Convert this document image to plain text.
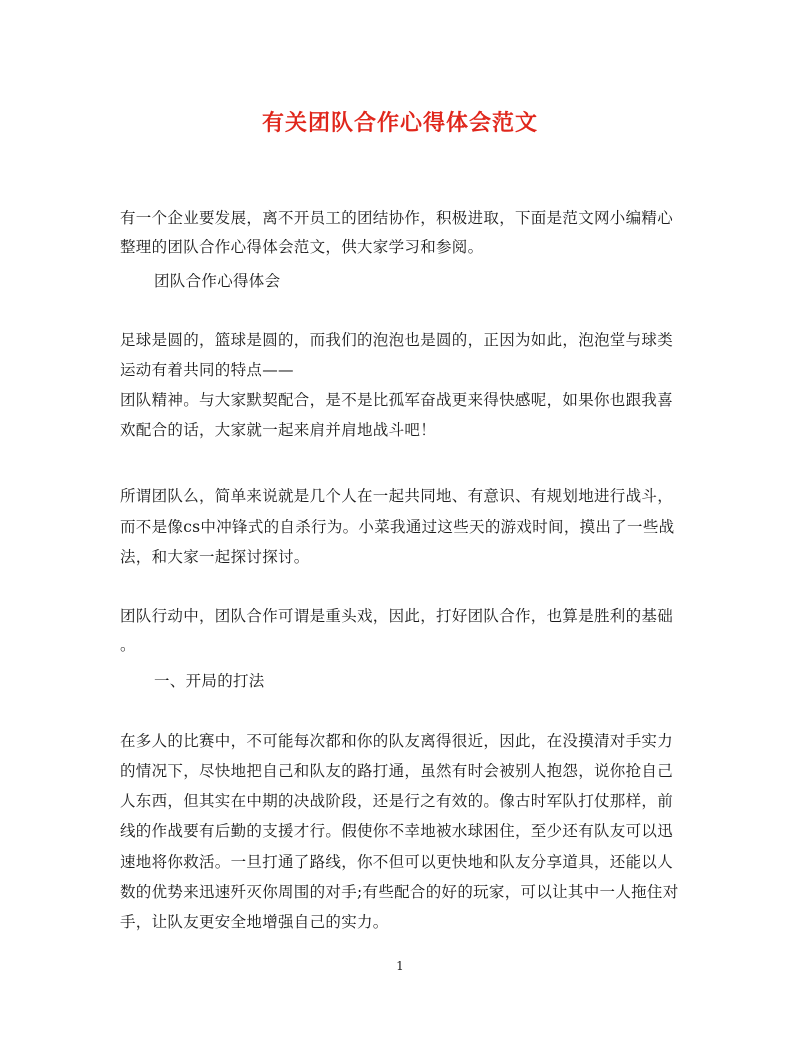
有关团队合作心得体会范文
有一个企业要发展，离不开员工的团结协作，积极进取，下面是范文网小编精心
整理的团队合作心得体会范文，供大家学习和参阅。
团队合作心得体会
足球是圆的，篮球是圆的，而我们的泡泡也是圆的，正因为如此，泡泡堂与球类
运动有着共同的特点——
团队精神。与大家默契配合，是不是比孤军奋战更来得快感呢，如果你也跟我喜
欢配合的话，大家就一起来肩并肩地战斗吧！
所谓团队么，简单来说就是几个人在一起共同地、有意识、有规划地进行战斗，
而不是像cs中冲锋式的自杀行为。小菜我通过这些天的游戏时间，摸出了一些战
法，和大家一起探讨探讨。
团队行动中，团队合作可谓是重头戏，因此，打好团队合作，也算是胜利的基础
。
一、开局的打法
在多人的比赛中，不可能每次都和你的队友离得很近，因此，在没摸清对手实力
的情况下，尽快地把自己和队友的路打通，虽然有时会被别人抱怨，说你抢自己
人东西，但其实在中期的决战阶段，还是行之有效的。像古时军队打仗那样，前
线的作战要有后勤的支援才行。假使你不幸地被水球困住，至少还有队友可以迅
速地将你救活。一旦打通了路线，你不但可以更快地和队友分享道具，还能以人
数的优势来迅速歼灭你周围的对手;有些配合的好的玩家，可以让其中一人拖住对
手，让队友更安全地增强自己的实力。
1
